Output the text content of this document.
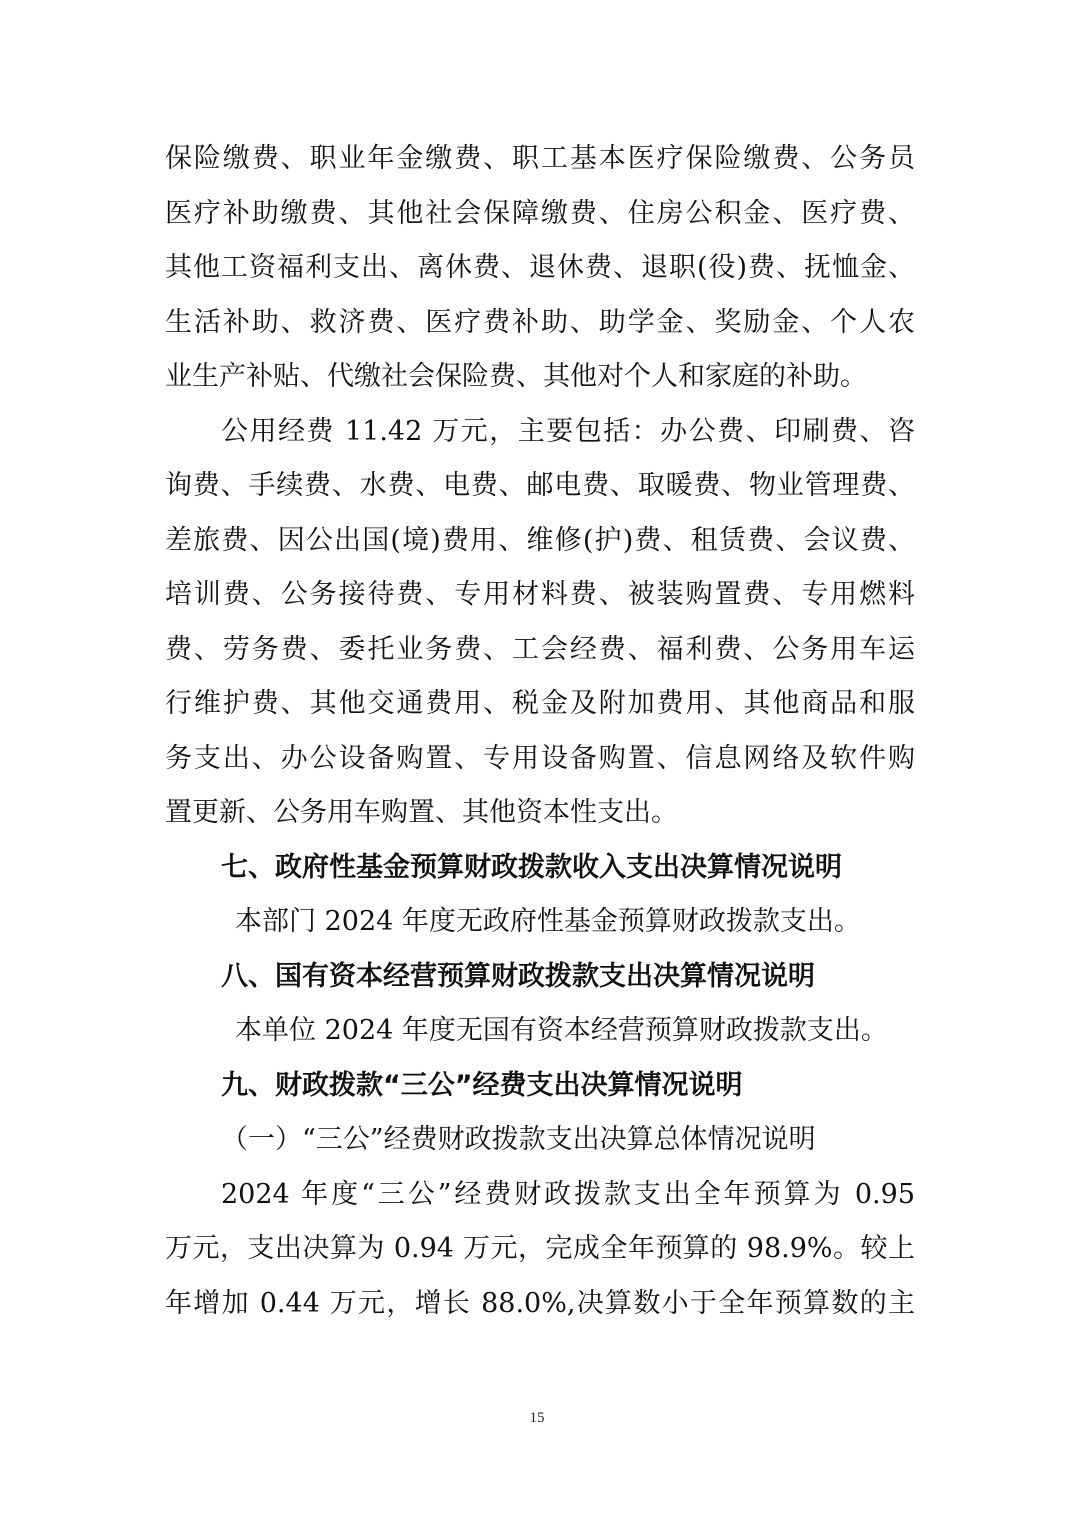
保险缴费、职业年金缴费、职工基本医疗保险缴费、公务员
医疗补助缴费、其他社会保障缴费、住房公积金、医疗费、
其他工资福利支出、离休费、退休费、退职(役)费、抚恤金、
生活补助、救济费、医疗费补助、助学金、奖励金、个人农
业生产补贴、代缴社会保险费、其他对个人和家庭的补助。
公用经费 11.42 万元，主要包括：办公费、印刷费、咨
询费、手续费、水费、电费、邮电费、取暖费、物业管理费、
差旅费、因公出国(境)费用、维修(护)费、租赁费、会议费、
培训费、公务接待费、专用材料费、被装购置费、专用燃料
费、劳务费、委托业务费、工会经费、福利费、公务用车运
行维护费、其他交通费用、税金及附加费用、其他商品和服
务支出、办公设备购置、专用设备购置、信息网络及软件购
置更新、公务用车购置、其他资本性支出。
七、政府性基金预算财政拨款收入支出决算情况说明
本部门 2024 年度无政府性基金预算财政拨款支出。
八、国有资本经营预算财政拨款支出决算情况说明
本单位 2024 年度无国有资本经营预算财政拨款支出。
九、财政拨款“三公”经费支出决算情况说明
（一）“三公”经费财政拨款支出决算总体情况说明
2024 年度“三公”经费财政拨款支出全年预算为 0.95
万元，支出决算为 0.94 万元，完成全年预算的 98.9%。较上
年增加 0.44 万元，增长 88.0%,决算数小于全年预算数的主
15
